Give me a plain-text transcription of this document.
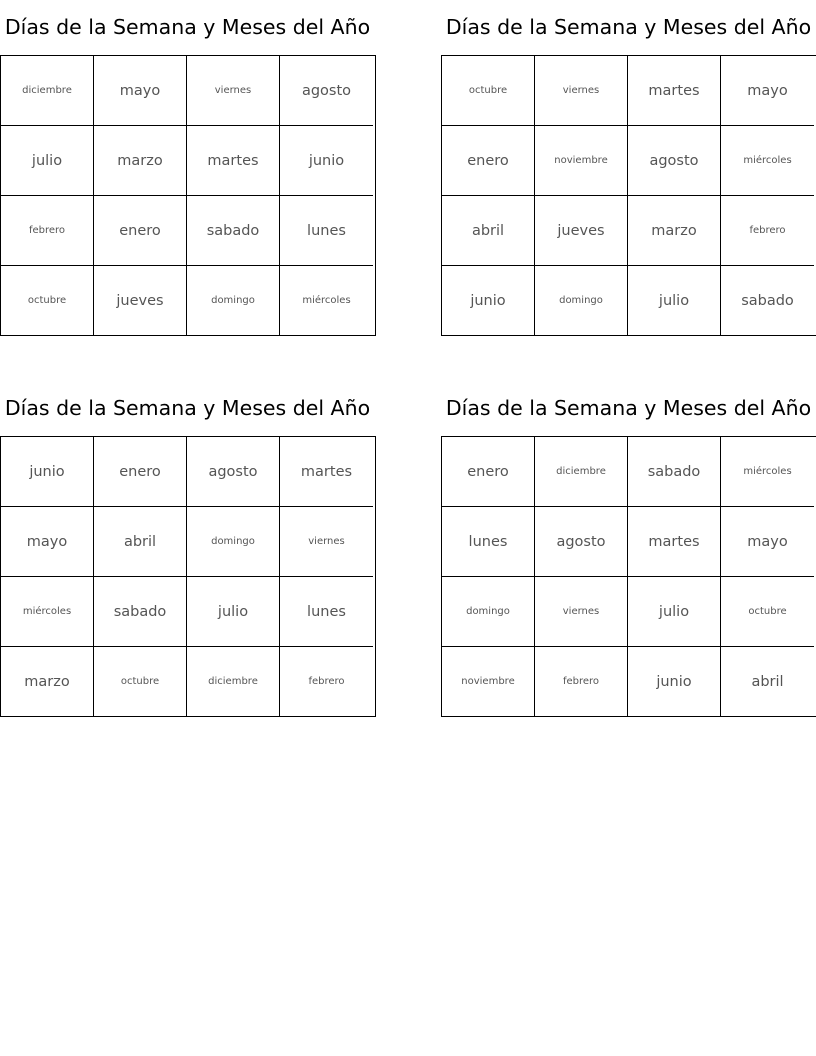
Días de la Semana y Meses del Año
diciembre	mayo	viernes	agosto
julio	marzo	martes	junio
febrero	enero	sabado	lunes
octubre	jueves	domingo	miércoles
Días de la Semana y Meses del Año
octubre	viernes	martes	mayo
enero	noviembre	agosto	miércoles
abril	jueves	marzo	febrero
junio	domingo	julio	sabado
Días de la Semana y Meses del Año
junio	enero	agosto	martes
mayo	abril	domingo	viernes
miércoles	sabado	julio	lunes
marzo	octubre	diciembre	febrero
Días de la Semana y Meses del Año
enero	diciembre	sabado	miércoles
lunes	agosto	martes	mayo
domingo	viernes	julio	octubre
noviembre	febrero	junio	abril
